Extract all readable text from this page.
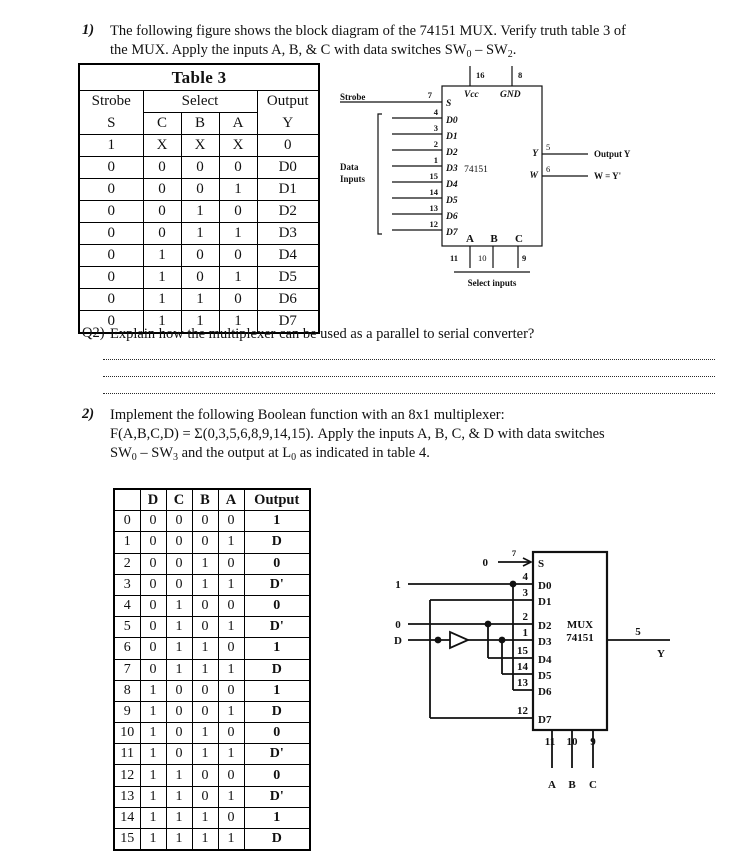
1)	The following figure shows the block diagram of the 74151 MUX. Verify truth table 3 of

the MUX. Apply the inputs A, B, & C with data switches $SW_0 - SW_2$.

Table 3				
Strobe	Select			Output
S	C	B	A	Y
1	X	X	X	0
0	0	0	0	D0
0	0	0	1	D1
0	0	1	0	D2
0	0	1	1	D3
0	1	0	0	D4
0	1	0	1	D5
0	1	1	0	D6
0	1	1	1	D7
16	8
Vcc GND
Strobe	7
S
Data
Inputs
4
D0
3
D1
2
D2
1
D3
15
D4
14
D5
13
D6
12
D7
74151
Y
5
Output Y
W
6
W = Y'
A B C
11 10	9
Select inputs
Q2) Explain how the multiplexer can be used as a parallel to serial converter?

2)	Implement the following Boolean function with an 8x1 multiplexer:

F(A,B,C,D) = Σ(0,3,5,6,8,9,14,15). Apply the inputs A, B, C, & D with data switches

$SW_0 - SW_3$ and the output at $L_0$ as indicated in table 4.

	D	C	B	A	Output
0	0	0	0	0	1
1	0	0	0	1	D
2	0	0	1	0	0
3	0	0	1	1	D'
4	0	1	0	0	0
5	0	1	0	1	D'
6	0	1	1	0	1
7	0	1	1	1	D
8	1	0	0	0	1
9	1	0	0	1	D
10	1	0	1	0	0
11	1	0	1	1	D'
12	1	1	0	0	0
13	1	1	0	1	D'
14	1	1	1	0	1
15	1	1	1	1	D
1
0
D
0
7
S
4
D0
3
D1
2
D2
1
D3
15
D4
14
D5
13
D6
12
D7
MUX
74151	5
Y
11 10 9
A B C
